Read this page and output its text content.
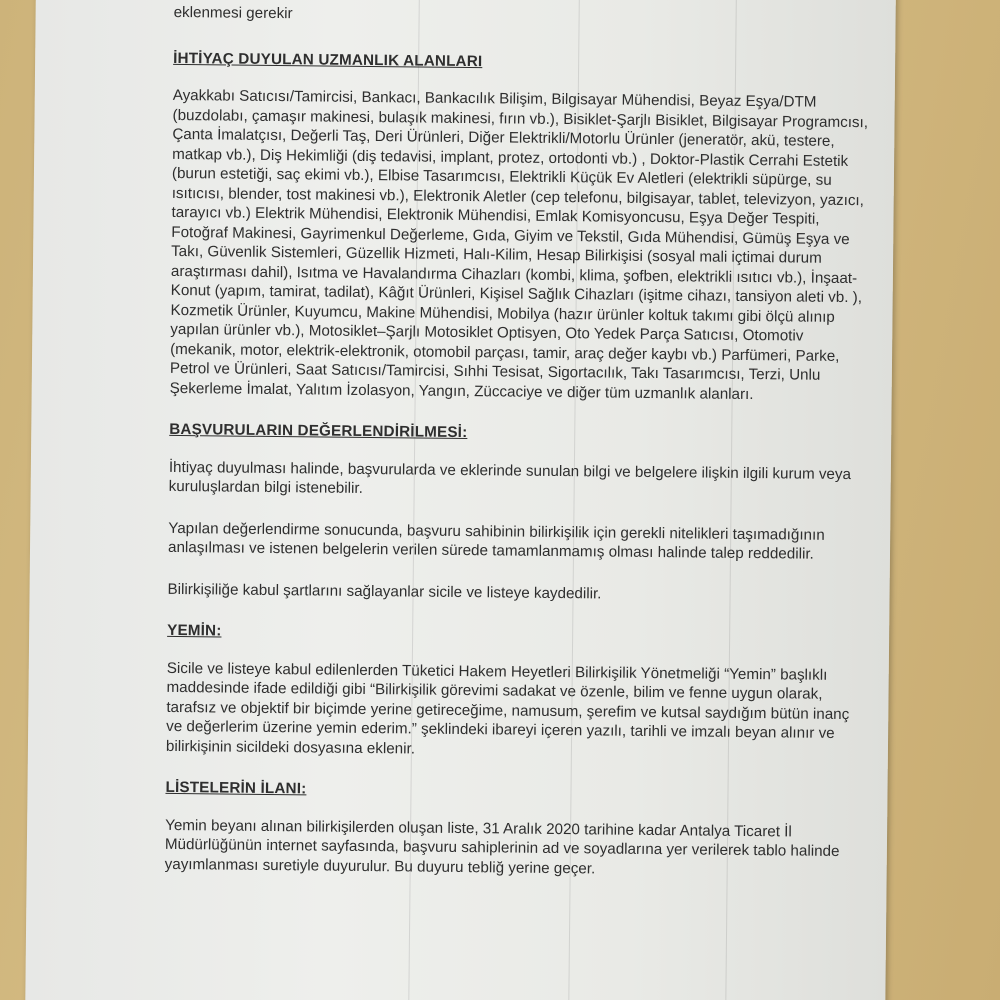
eklenmesi gerekir

İHTİYAÇ DUYULAN UZMANLIK ALANLARI

Ayakkabı Satıcısı/Tamircisi, Bankacı, Bankacılık Bilişim, Bilgisayar Mühendisi, Beyaz Eşya/DTM (buzdolabı, çamaşır makinesi, bulaşık makinesi, fırın vb.), Bisiklet-Şarjlı Bisiklet, Bilgisayar Programcısı, Çanta İmalatçısı, Değerli Taş, Deri Ürünleri, Diğer Elektrikli/Motorlu Ürünler (jeneratör, akü, testere, matkap vb.), Diş Hekimliği (diş tedavisi, implant, protez, ortodonti vb.) , Doktor-Plastik Cerrahi Estetik (burun estetiği, saç ekimi vb.), Elbise Tasarımcısı, Elektrikli Küçük Ev Aletleri (elektrikli süpürge, su ısıtıcısı, blender, tost makinesi vb.), Elektronik Aletler (cep telefonu, bilgisayar, tablet, televizyon, yazıcı, tarayıcı vb.) Elektrik Mühendisi, Elektronik Mühendisi, Emlak Komisyoncusu, Eşya Değer Tespiti, Fotoğraf Makinesi, Gayrimenkul Değerleme, Gıda, Giyim ve Tekstil, Gıda Mühendisi, Gümüş Eşya ve Takı, Güvenlik Sistemleri, Güzellik Hizmeti, Halı-Kilim, Hesap Bilirkişisi (sosyal mali içtimai durum araştırması dahil), Isıtma ve Havalandırma Cihazları (kombi, klima, şofben, elektrikli ısıtıcı vb.), İnşaat-Konut (yapım, tamirat, tadilat), Kâğıt Ürünleri, Kişisel Sağlık Cihazları (işitme cihazı, tansiyon aleti vb. ), Kozmetik Ürünler, Kuyumcu, Makine Mühendisi, Mobilya (hazır ürünler koltuk takımı gibi ölçü alınıp yapılan ürünler vb.), Motosiklet–Şarjlı Motosiklet Optisyen, Oto Yedek Parça Satıcısı, Otomotiv (mekanik, motor, elektrik-elektronik, otomobil parçası, tamir, araç değer kaybı vb.) Parfümeri, Parke, Petrol ve Ürünleri, Saat Satıcısı/Tamircisi, Sıhhi Tesisat, Sigortacılık, Takı Tasarımcısı, Terzi, Unlu Şekerleme İmalat, Yalıtım İzolasyon, Yangın, Züccaciye ve diğer tüm uzmanlık alanları.

BAŞVURULARIN DEĞERLENDİRİLMESİ:

İhtiyaç duyulması halinde, başvurularda ve eklerinde sunulan bilgi ve belgelere ilişkin ilgili kurum veya kuruluşlardan bilgi istenebilir.

Yapılan değerlendirme sonucunda, başvuru sahibinin bilirkişilik için gerekli nitelikleri taşımadığının anlaşılması ve istenen belgelerin verilen sürede tamamlanmamış olması halinde talep reddedilir.

Bilirkişiliğe kabul şartlarını sağlayanlar sicile ve listeye kaydedilir.

YEMİN:

Sicile ve listeye kabul edilenlerden Tüketici Hakem Heyetleri Bilirkişilik Yönetmeliği “Yemin” başlıklı maddesinde ifade edildiği gibi “Bilirkişilik görevimi sadakat ve özenle, bilim ve fenne uygun olarak, tarafsız ve objektif bir biçimde yerine getireceğime, namusum, şerefim ve kutsal saydığım bütün inanç ve değerlerim üzerine yemin ederim.” şeklindeki ibareyi içeren yazılı, tarihli ve imzalı beyan alınır ve bilirkişinin sicildeki dosyasına eklenir.

LİSTELERİN İLANI:

Yemin beyanı alınan bilirkişilerden oluşan liste, 31 Aralık 2020 tarihine kadar Antalya Ticaret İl Müdürlüğünün internet sayfasında, başvuru sahiplerinin ad ve soyadlarına yer verilerek tablo halinde yayımlanması suretiyle duyurulur. Bu duyuru tebliğ yerine geçer.
